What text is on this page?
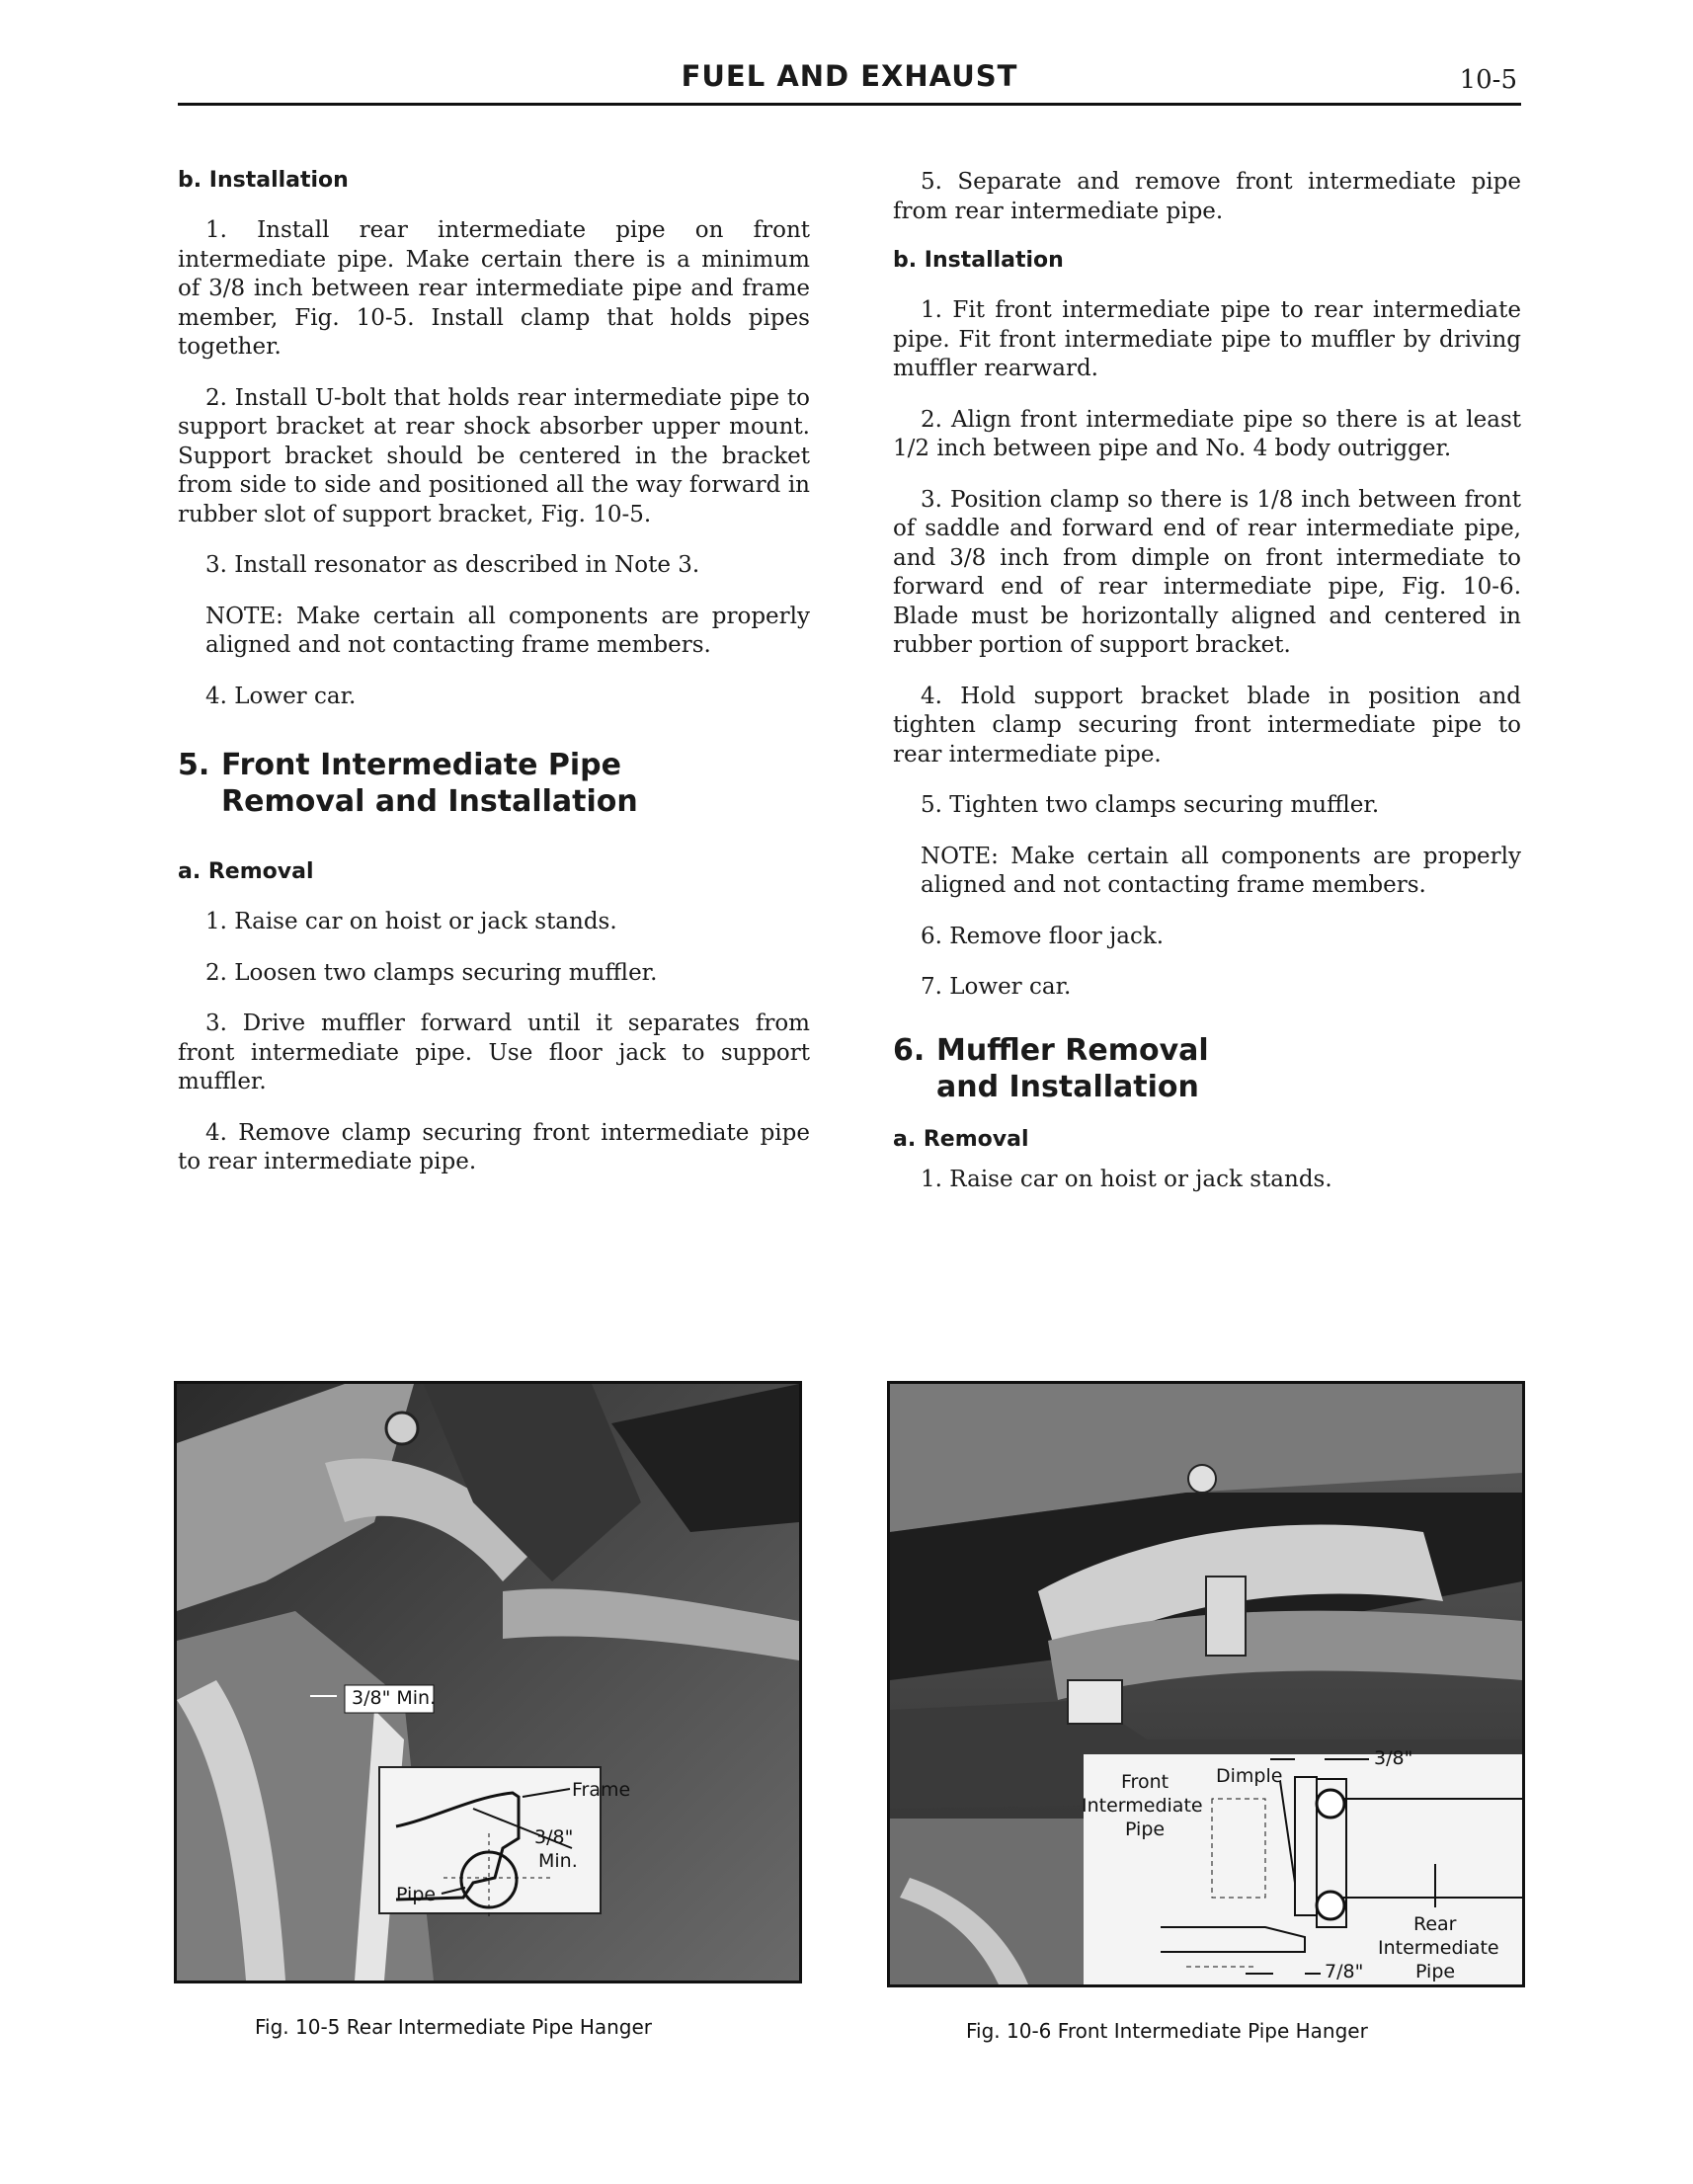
FUEL AND EXHAUST	10-5
b. Installation

1. Install rear intermediate pipe on front intermediate pipe. Make certain there is a minimum of 3/8 inch between rear intermediate pipe and frame member, Fig. 10-5. Install clamp that holds pipes together.

2. Install U-bolt that holds rear intermediate pipe to support bracket at rear shock absorber upper mount. Support bracket should be centered in the bracket from side to side and positioned all the way forward in rubber slot of support bracket, Fig. 10-5.

3. Install resonator as described in Note 3.

NOTE: Make certain all components are properly aligned and not contacting frame members.

4. Lower car.

5. Front Intermediate Pipe
Removal and Installation
a. Removal

1. Raise car on hoist or jack stands.

2. Loosen two clamps securing muffler.

3. Drive muffler forward until it separates from front intermediate pipe. Use floor jack to support muffler.

4. Remove clamp securing front intermediate pipe to rear intermediate pipe.

5. Separate and remove front intermediate pipe from rear intermediate pipe.

b. Installation

1. Fit front intermediate pipe to rear intermediate pipe. Fit front intermediate pipe to muffler by driving muffler rearward.

2. Align front intermediate pipe so there is at least 1/2 inch between pipe and No. 4 body outrigger.

3. Position clamp so there is 1/8 inch between front of saddle and forward end of rear intermediate pipe, and 3/8 inch from dimple on front intermediate to forward end of rear intermediate pipe, Fig. 10-6. Blade must be horizontally aligned and centered in rubber portion of support bracket.

4. Hold support bracket blade in position and tighten clamp securing front intermediate pipe to rear intermediate pipe.

5. Tighten two clamps securing muffler.

NOTE: Make certain all components are properly aligned and not contacting frame members.

6. Remove floor jack.

7. Lower car.

6. Muffler Removal
and Installation
a. Removal

1. Raise car on hoist or jack stands.

3/8" Min.
Frame
3/8"
Min.
Pipe
Fig. 10-5 Rear Intermediate Pipe Hanger
3/8"
Dimple
Front
Intermediate
Pipe
Rear
Intermediate
7/8"	Pipe
Fig. 10-6 Front Intermediate Pipe Hanger
